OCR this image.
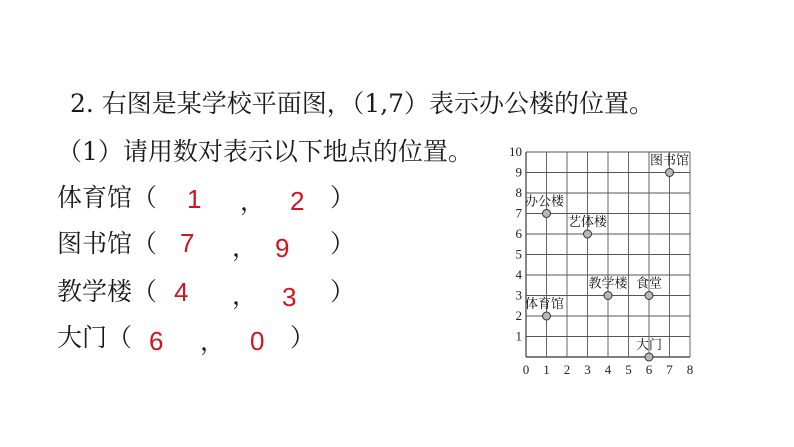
2. 右图是某学校平面图，（1,7）表示办公楼的位置。
（1）请用数对表示以下地点的位置。
体育馆（ 1 ， 2 ）
图书馆（ 7 ， 9 ）
教学楼（ 4 ， 3 ）
大门（ 6 ， 0 ）
0 1 2 3 4 5 6 7 8
1
2
3
4
5
6
7
8
9
10
图书馆
办公楼
艺体楼
教学楼 食堂
体育馆
大门
